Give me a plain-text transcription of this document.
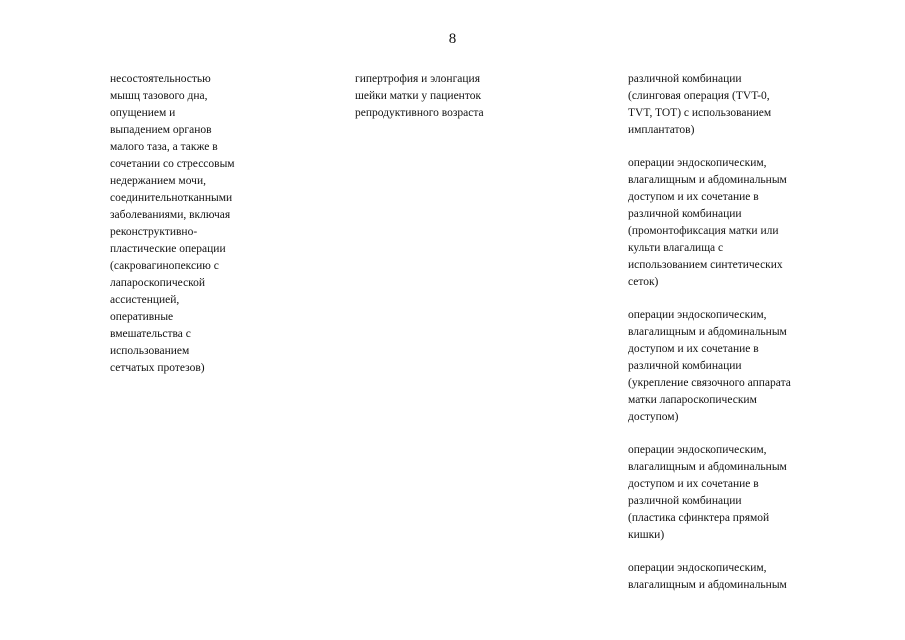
8

несостоятельностью
мышц тазового дна,
опущением и
выпадением органов
малого таза, а также в
сочетании со стрессовым
недержанием мочи,
соединительнотканными
заболеваниями, включая
реконструктивно-
пластические операции
(сакровагинопексию с
лапароскопической
ассистенцией,
оперативные
вмешательства с
использованием
сетчатых протезов)

гипертрофия и элонгация
шейки матки у пациенток
репродуктивного возраста

различной комбинации
(слинговая операция (TVT-0,
TVT, TOT) с использованием
имплантатов)

операции эндоскопическим,
влагалищным и абдоминальным
доступом и их сочетание в
различной комбинации
(промонтофиксация матки или
культи влагалища с
использованием синтетических
сеток)

операции эндоскопическим,
влагалищным и абдоминальным
доступом и их сочетание в
различной комбинации
(укрепление связочного аппарата
матки лапароскопическим
доступом)

операции эндоскопическим,
влагалищным и абдоминальным
доступом и их сочетание в
различной комбинации
(пластика сфинктера прямой
кишки)

операции эндоскопическим,
влагалищным и абдоминальным
